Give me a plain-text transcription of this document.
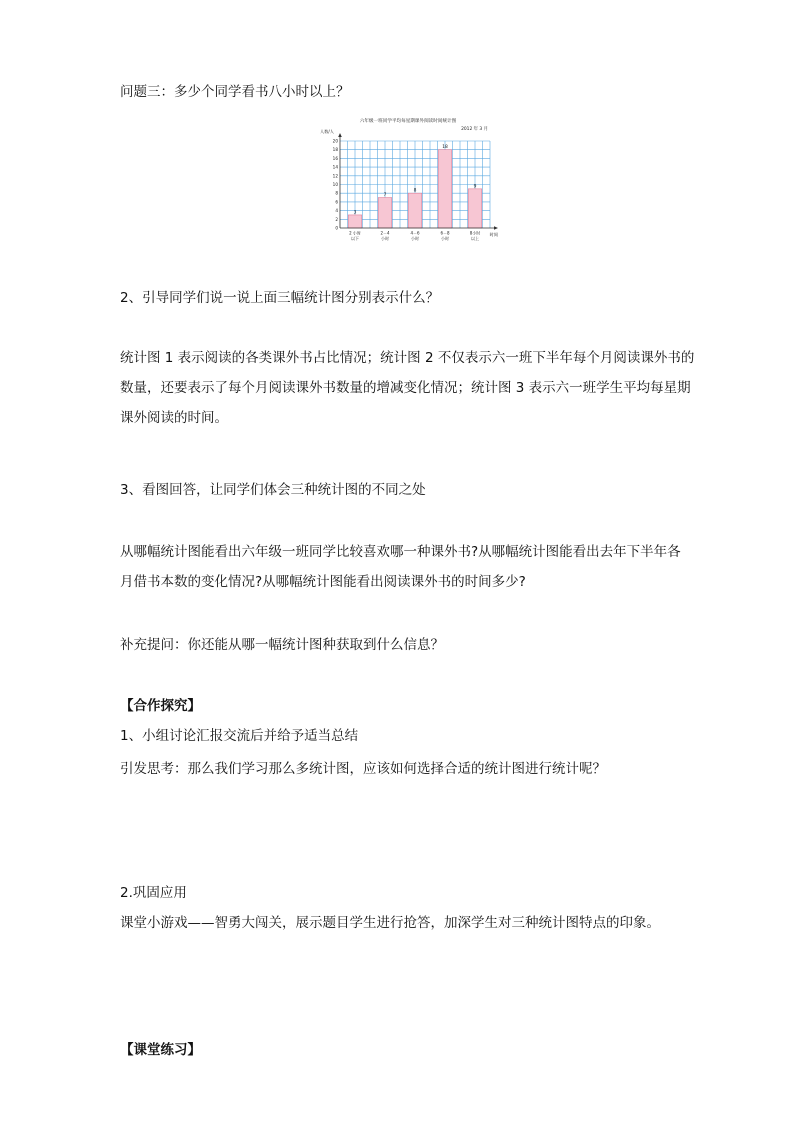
问题三：多少个同学看书八小时以上？
六年级一班同学平均每星期课外阅读时间统计图
2012 年 3 月
人数/人
0
2
4
6
8
10
12
14
16
18
20
3
2 小时
以下
7
2－4
小时
8
4－6
小时
18
6－8
小时
9
8小时
以上
时间
2、引导同学们说一说上面三幅统计图分别表示什么？
统计图 1 表示阅读的各类课外书占比情况；统计图 2 不仅表示六一班下半年每个月阅读课外书的
数量，还要表示了每个月阅读课外书数量的增减变化情况；统计图 3 表示六一班学生平均每星期
课外阅读的时间。
3、看图回答，让同学们体会三种统计图的不同之处
从哪幅统计图能看出六年级一班同学比较喜欢哪一种课外书?从哪幅统计图能看出去年下半年各
月借书本数的变化情况?从哪幅统计图能看出阅读课外书的时间多少?
补充提问：你还能从哪一幅统计图种获取到什么信息？
【合作探究】
1、小组讨论汇报交流后并给予适当总结
引发思考：那么我们学习那么多统计图，应该如何选择合适的统计图进行统计呢？
2.巩固应用
课堂小游戏——智勇大闯关，展示题目学生进行抢答，加深学生对三种统计图特点的印象。
【课堂练习】
